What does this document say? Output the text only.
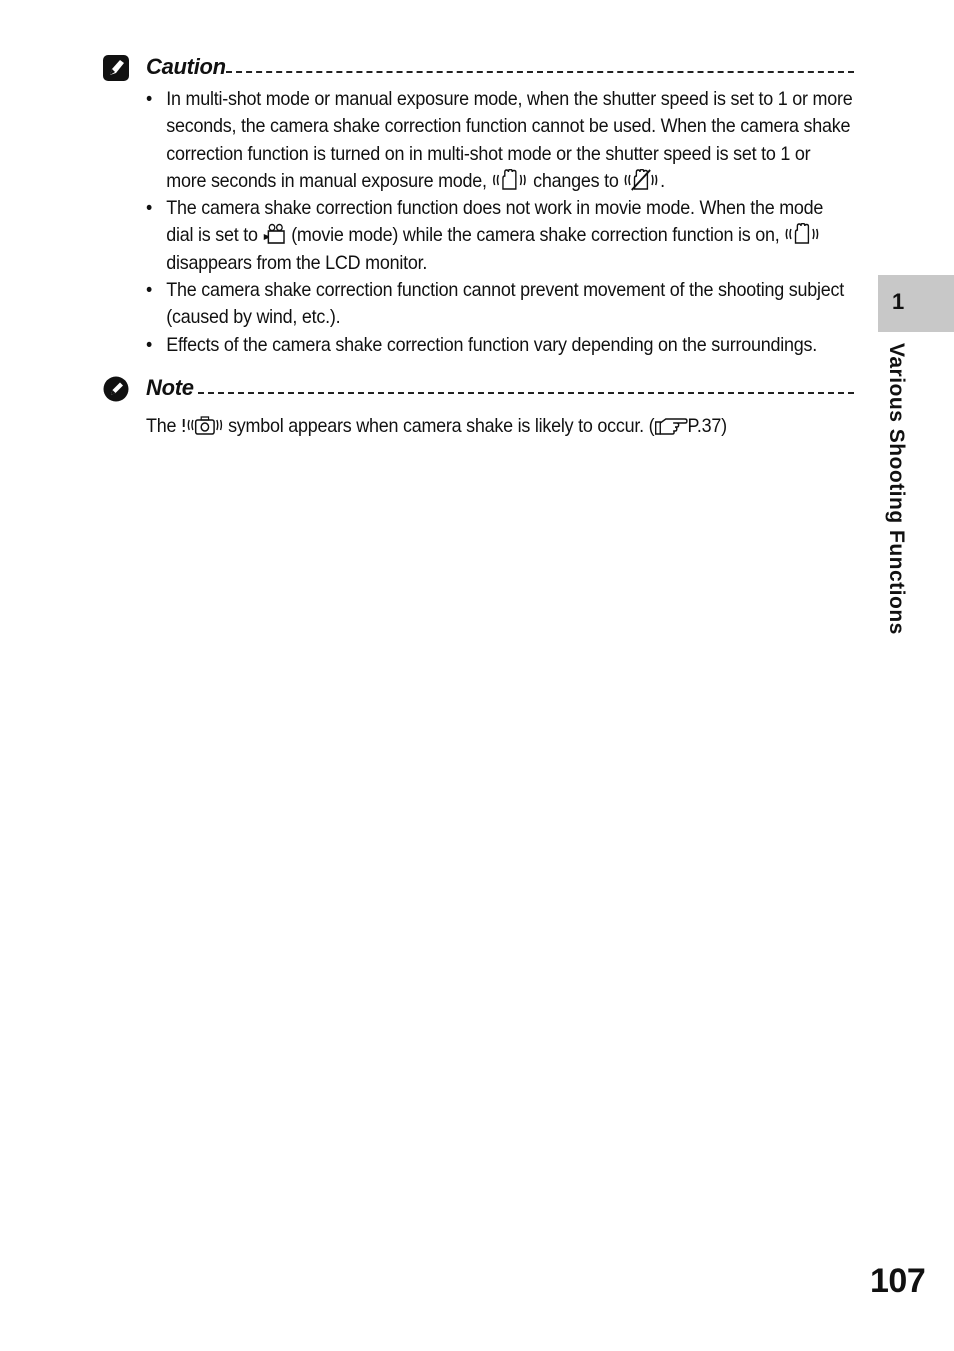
Caution
• In multi-shot mode or manual exposure mode, when the shutter speed is set to 1 or more seconds, the camera shake correction function cannot be used. When the camera shake correction function is turned on in multi-shot mode or the shutter speed is set to 1 or more seconds in manual exposure mode, changes to .
• The camera shake correction function does not work in movie mode. When the mode dial is set to (movie mode) while the camera shake correction function is on,  disappears from the LCD monitor.
• The camera shake correction function cannot prevent movement of the shooting subject (caused by wind, etc.).
• Effects of the camera shake correction function vary depending on the surroundings.
Note
The	symbol appears when camera shake is likely to occur. ( P.37)
1
Various Shooting Functions
107
